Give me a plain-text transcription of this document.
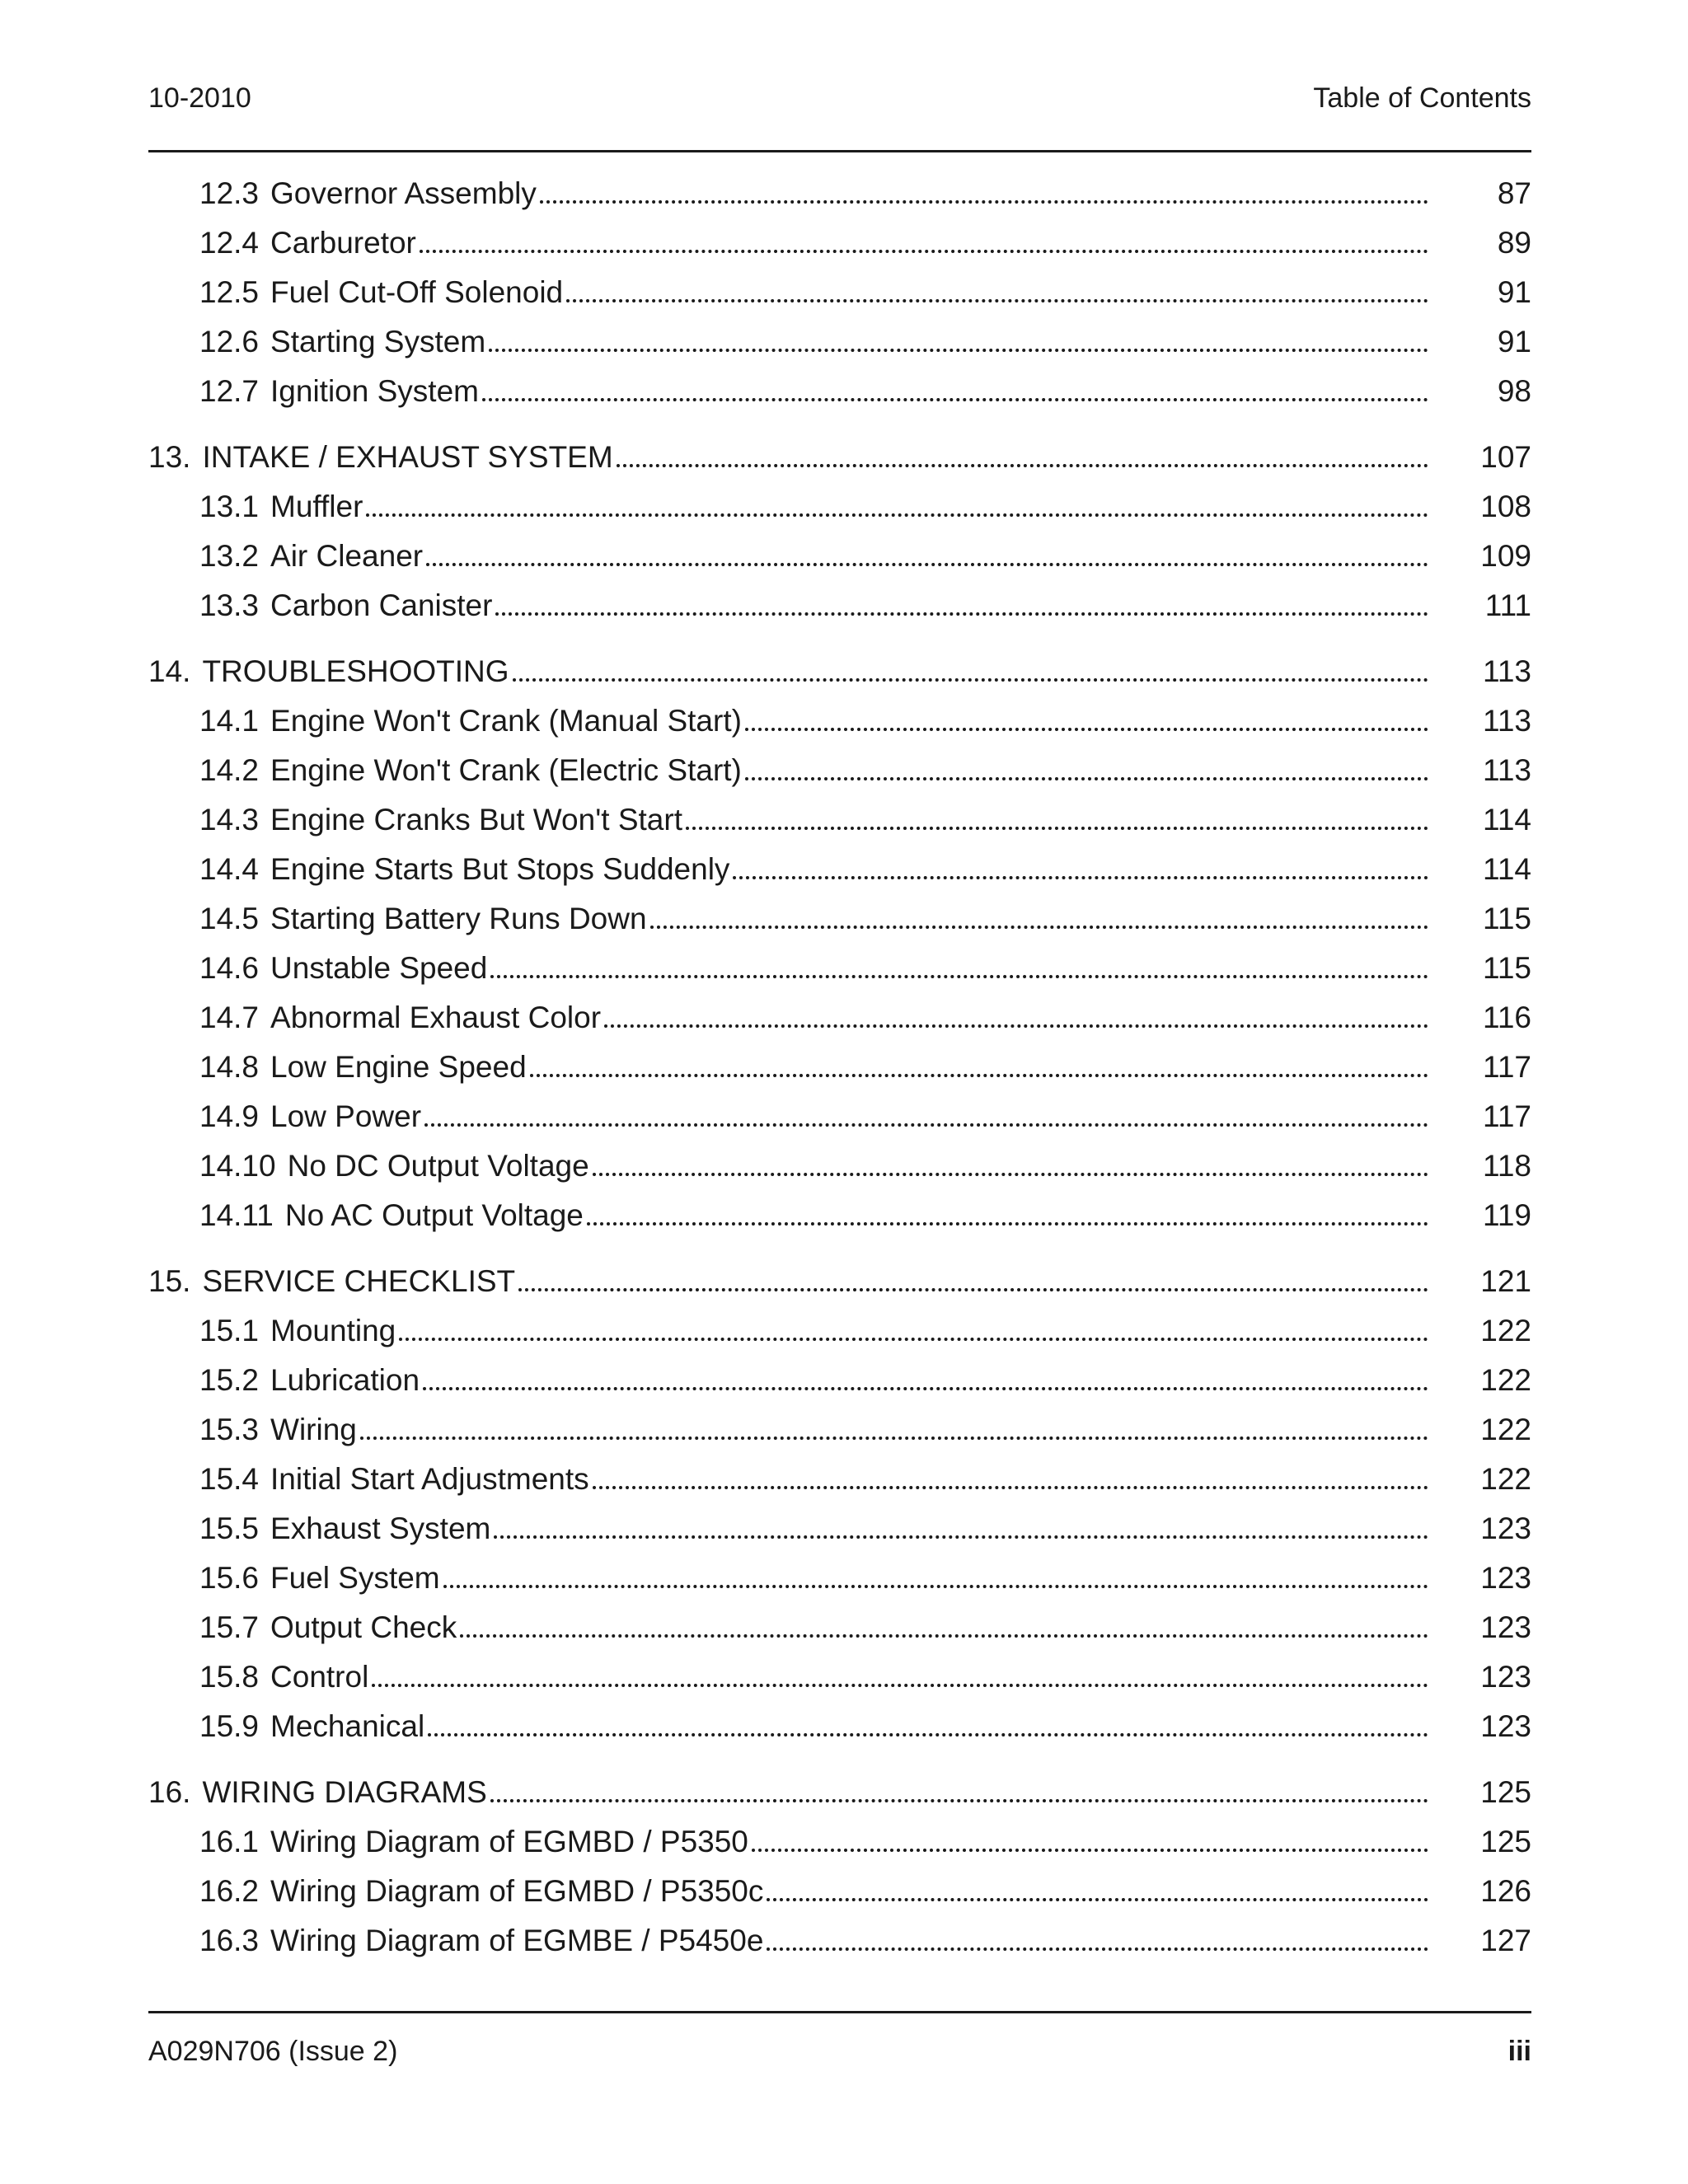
10-2010	Table of Contents
12.3 Governor Assembly	87
12.4 Carburetor	89
12.5 Fuel Cut-Off Solenoid	91
12.6 Starting System	91
12.7 Ignition System	98
13. INTAKE / EXHAUST SYSTEM	107
13.1 Muffler	108
13.2 Air Cleaner	109
13.3 Carbon Canister	111
14. TROUBLESHOOTING	113
14.1 Engine Won't Crank (Manual Start)	113
14.2 Engine Won't Crank (Electric Start)	113
14.3 Engine Cranks But Won't Start	114
14.4 Engine Starts But Stops Suddenly	114
14.5 Starting Battery Runs Down	115
14.6 Unstable Speed	115
14.7 Abnormal Exhaust Color	116
14.8 Low Engine Speed	117
14.9 Low Power	117
14.10 No DC Output Voltage	118
14.11 No AC Output Voltage	119
15. SERVICE CHECKLIST	121
15.1 Mounting	122
15.2 Lubrication	122
15.3 Wiring	122
15.4 Initial Start Adjustments	122
15.5 Exhaust System	123
15.6 Fuel System	123
15.7 Output Check	123
15.8 Control	123
15.9 Mechanical	123
16. WIRING DIAGRAMS	125
16.1 Wiring Diagram of EGMBD / P5350	125
16.2 Wiring Diagram of EGMBD / P5350c	126
16.3 Wiring Diagram of EGMBE / P5450e	127
A029N706 (Issue 2)	iii
